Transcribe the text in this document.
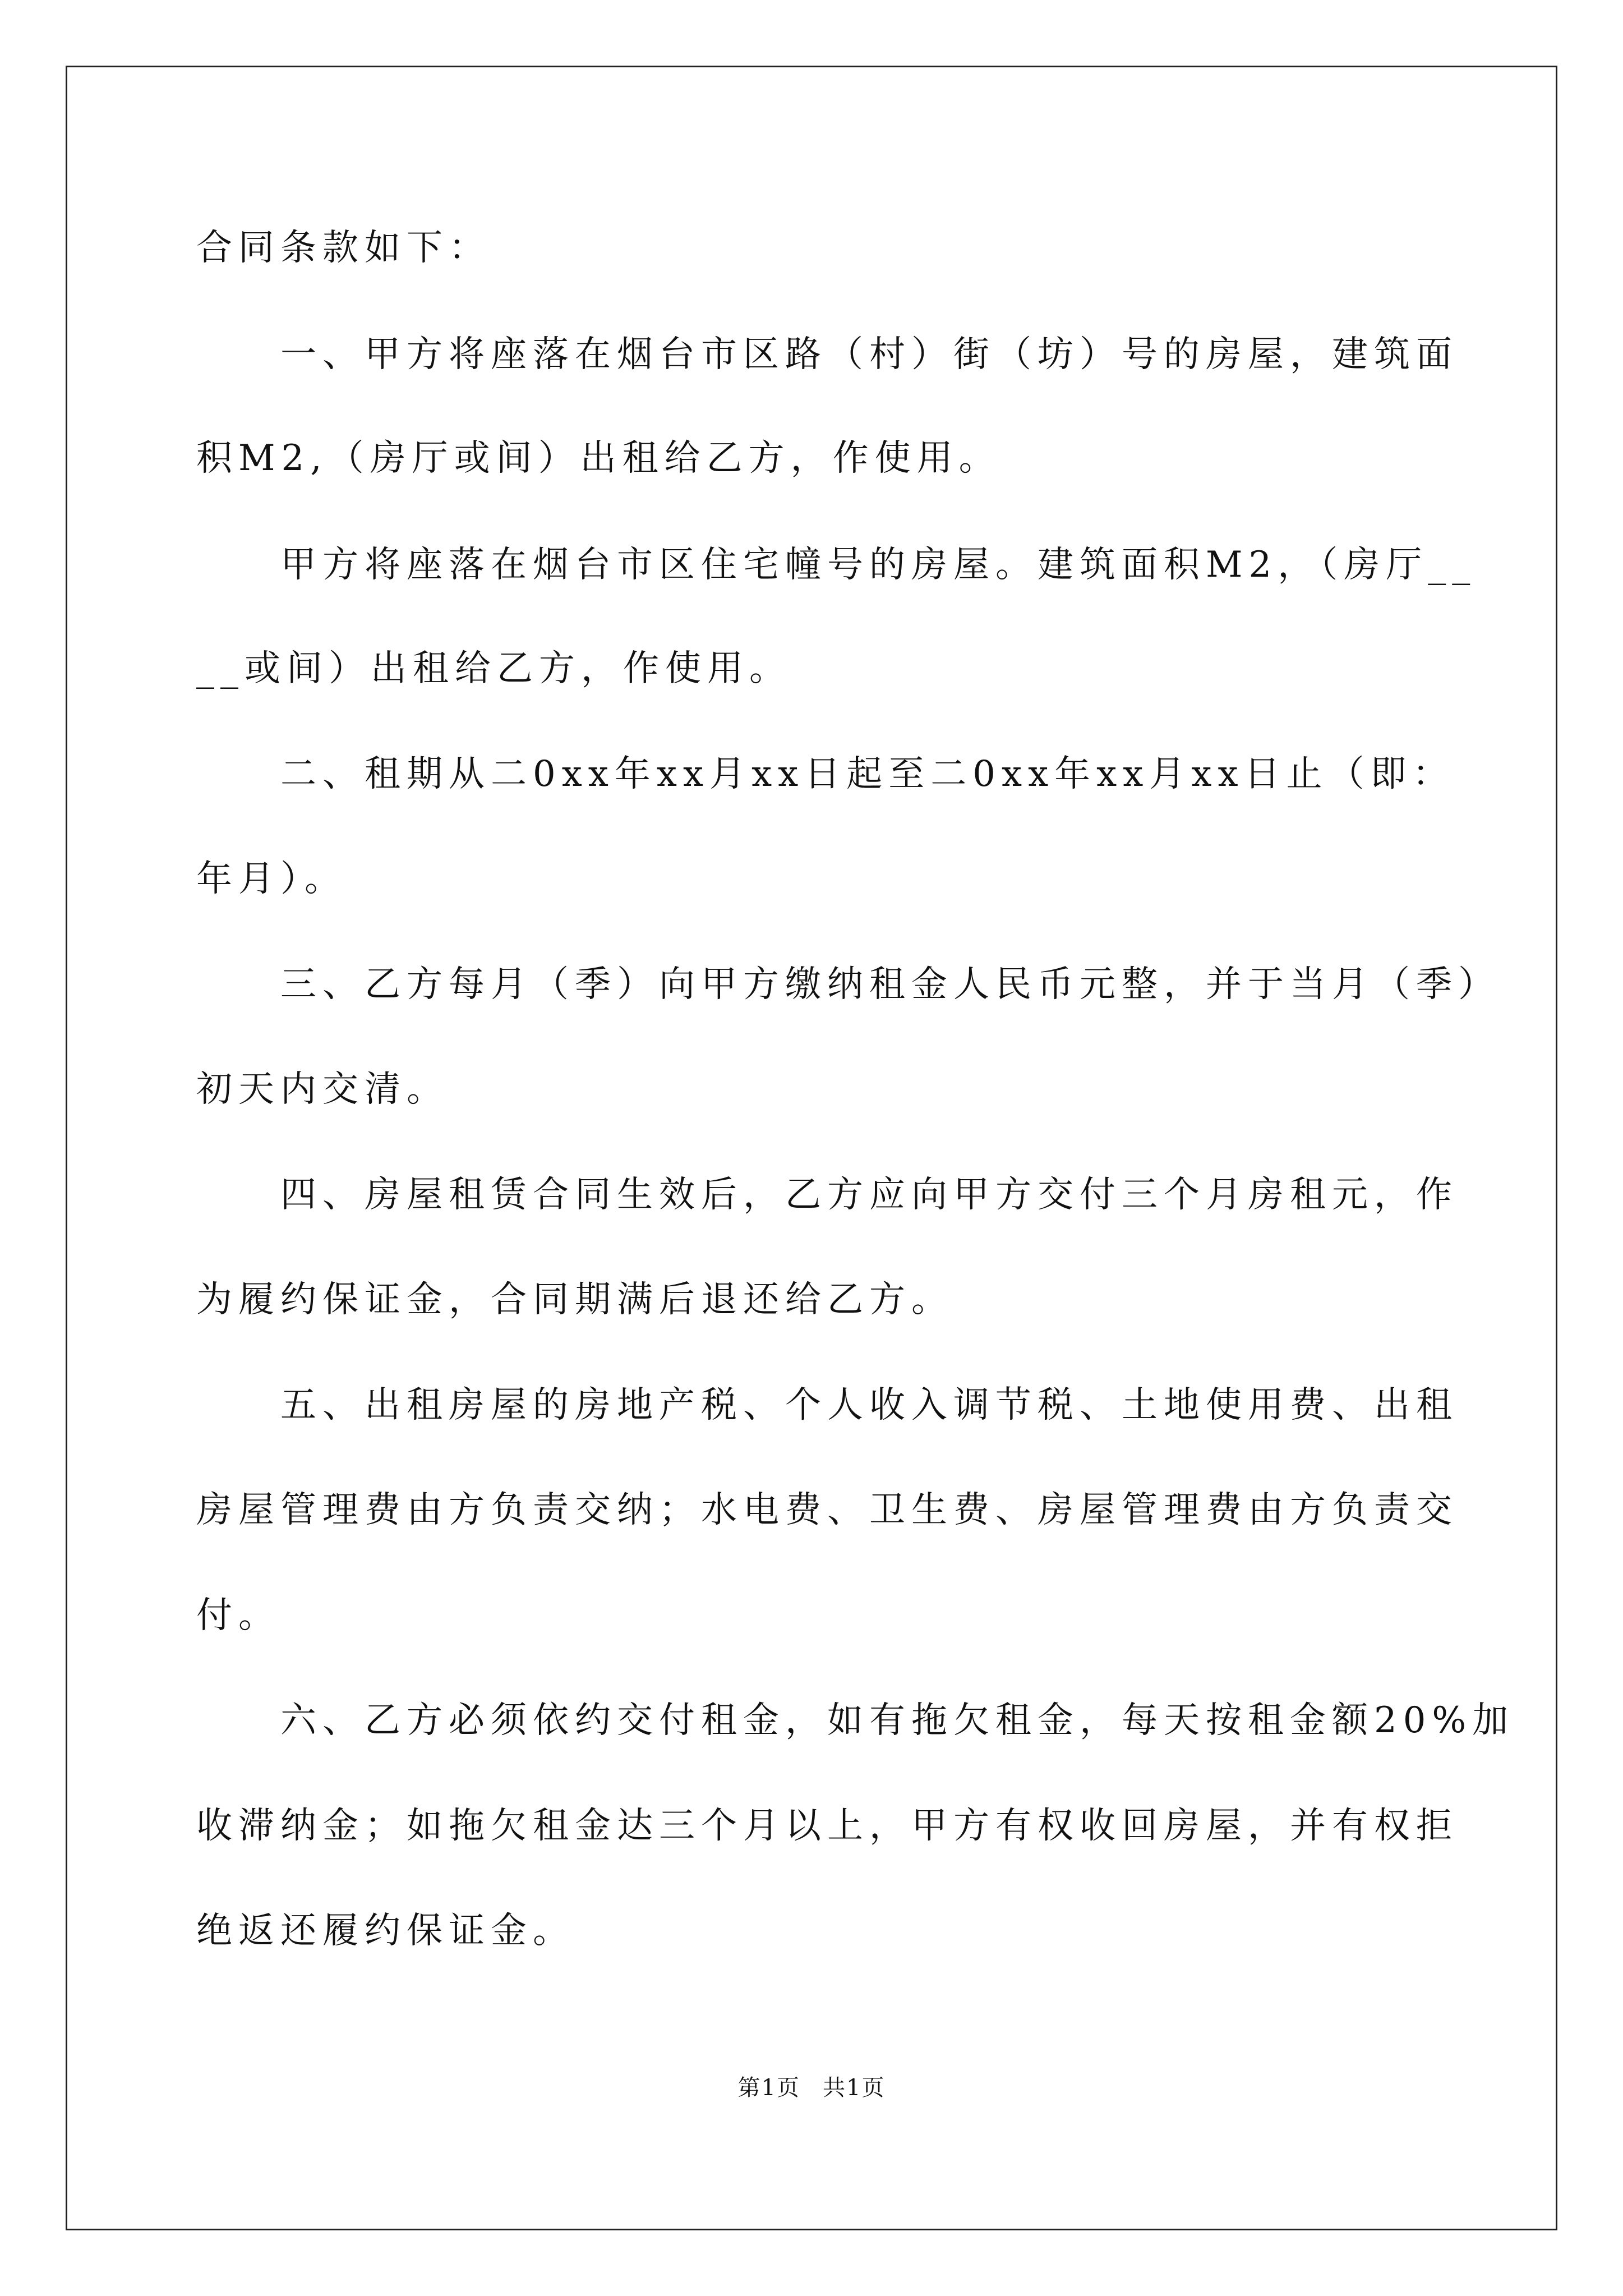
合同条款如下：

一、甲方将座落在烟台市区路（村）街（坊）号的房屋，建筑面

积M2,（房厅或间）出租给乙方，作使用。

甲方将座落在烟台市区住宅幢号的房屋。建筑面积M2，（房厅__

__或间）出租给乙方，作使用。

二、租期从二0xx年xx月xx日起至二0xx年xx月xx日止（即：

年月）。

三、乙方每月（季）向甲方缴纳租金人民币元整，并于当月（季）

初天内交清。

四、房屋租赁合同生效后，乙方应向甲方交付三个月房租元，作

为履约保证金，合同期满后退还给乙方。

五、出租房屋的房地产税、个人收入调节税、土地使用费、出租

房屋管理费由方负责交纳；水电费、卫生费、房屋管理费由方负责交

付。

六、乙方必须依约交付租金，如有拖欠租金，每天按租金额20%加

收滞纳金；如拖欠租金达三个月以上，甲方有权收回房屋，并有权拒

绝返还履约保证金。

第1页 共1页
